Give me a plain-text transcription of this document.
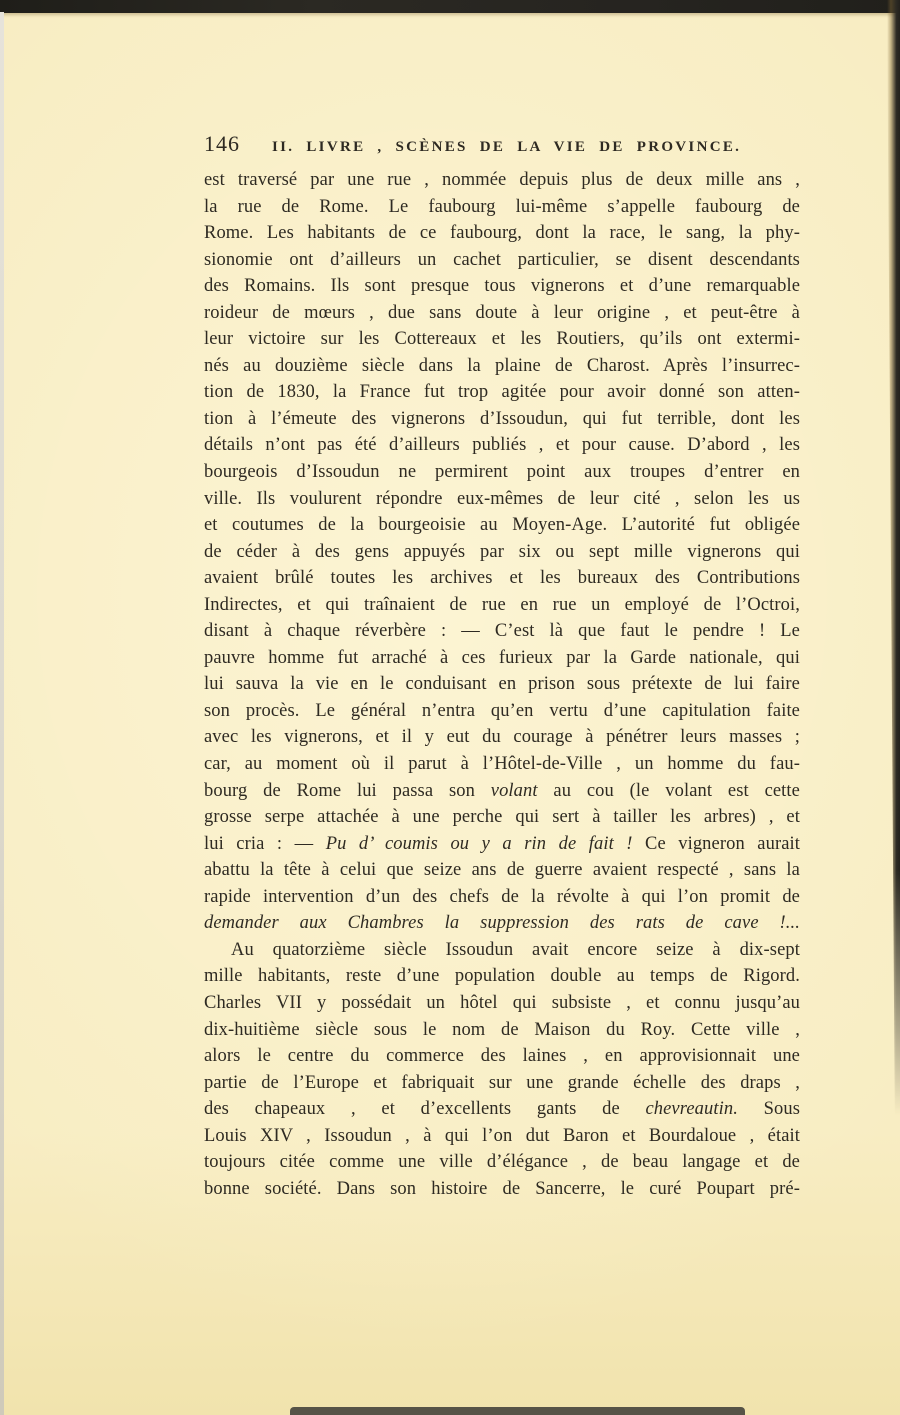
146 II. LIVRE , SCÈNES DE LA VIE DE PROVINCE.
est traversé par une rue , nommée depuis plus de deux mille ans ,
la rue de Rome. Le faubourg lui-même s’appelle faubourg de
Rome. Les habitants de ce faubourg, dont la race, le sang, la phy-
sionomie ont d’ailleurs un cachet particulier, se disent descendants
des Romains. Ils sont presque tous vignerons et d’une remarquable
roideur de mœurs , due sans doute à leur origine , et peut-être à
leur victoire sur les Cottereaux et les Routiers, qu’ils ont extermi-
nés au douzième siècle dans la plaine de Charost. Après l’insurrec-
tion de 1830, la France fut trop agitée pour avoir donné son atten-
tion à l’émeute des vignerons d’Issoudun, qui fut terrible, dont les
détails n’ont pas été d’ailleurs publiés , et pour cause. D’abord , les
bourgeois d’Issoudun ne permirent point aux troupes d’entrer en
ville. Ils voulurent répondre eux-mêmes de leur cité , selon les us
et coutumes de la bourgeoisie au Moyen-Age. L’autorité fut obligée
de céder à des gens appuyés par six ou sept mille vignerons qui
avaient brûlé toutes les archives et les bureaux des Contributions
Indirectes, et qui traînaient de rue en rue un employé de l’Octroi,
disant à chaque réverbère : — C’est là que faut le pendre ! Le
pauvre homme fut arraché à ces furieux par la Garde nationale, qui
lui sauva la vie en le conduisant en prison sous prétexte de lui faire
son procès. Le général n’entra qu’en vertu d’une capitulation faite
avec les vignerons, et il y eut du courage à pénétrer leurs masses ;
car, au moment où il parut à l’Hôtel-de-Ville , un homme du fau-
bourg de Rome lui passa son volant au cou (le volant est cette
grosse serpe attachée à une perche qui sert à tailler les arbres) , et
lui cria : — Pu d’ coumis ou y a rin de fait ! Ce vigneron aurait
abattu la tête à celui que seize ans de guerre avaient respecté , sans la
rapide intervention d’un des chefs de la révolte à qui l’on promit de
demander aux Chambres la suppression des rats de cave !...
Au quatorzième siècle Issoudun avait encore seize à dix-sept
mille habitants, reste d’une population double au temps de Rigord.
Charles VII y possédait un hôtel qui subsiste , et connu jusqu’au
dix-huitième siècle sous le nom de Maison du Roy. Cette ville ,
alors le centre du commerce des laines , en approvisionnait une
partie de l’Europe et fabriquait sur une grande échelle des draps ,
des chapeaux , et d’excellents gants de chevreautin. Sous
Louis XIV , Issoudun , à qui l’on dut Baron et Bourdaloue , était
toujours citée comme une ville d’élégance , de beau langage et de
bonne société. Dans son histoire de Sancerre, le curé Poupart pré-
